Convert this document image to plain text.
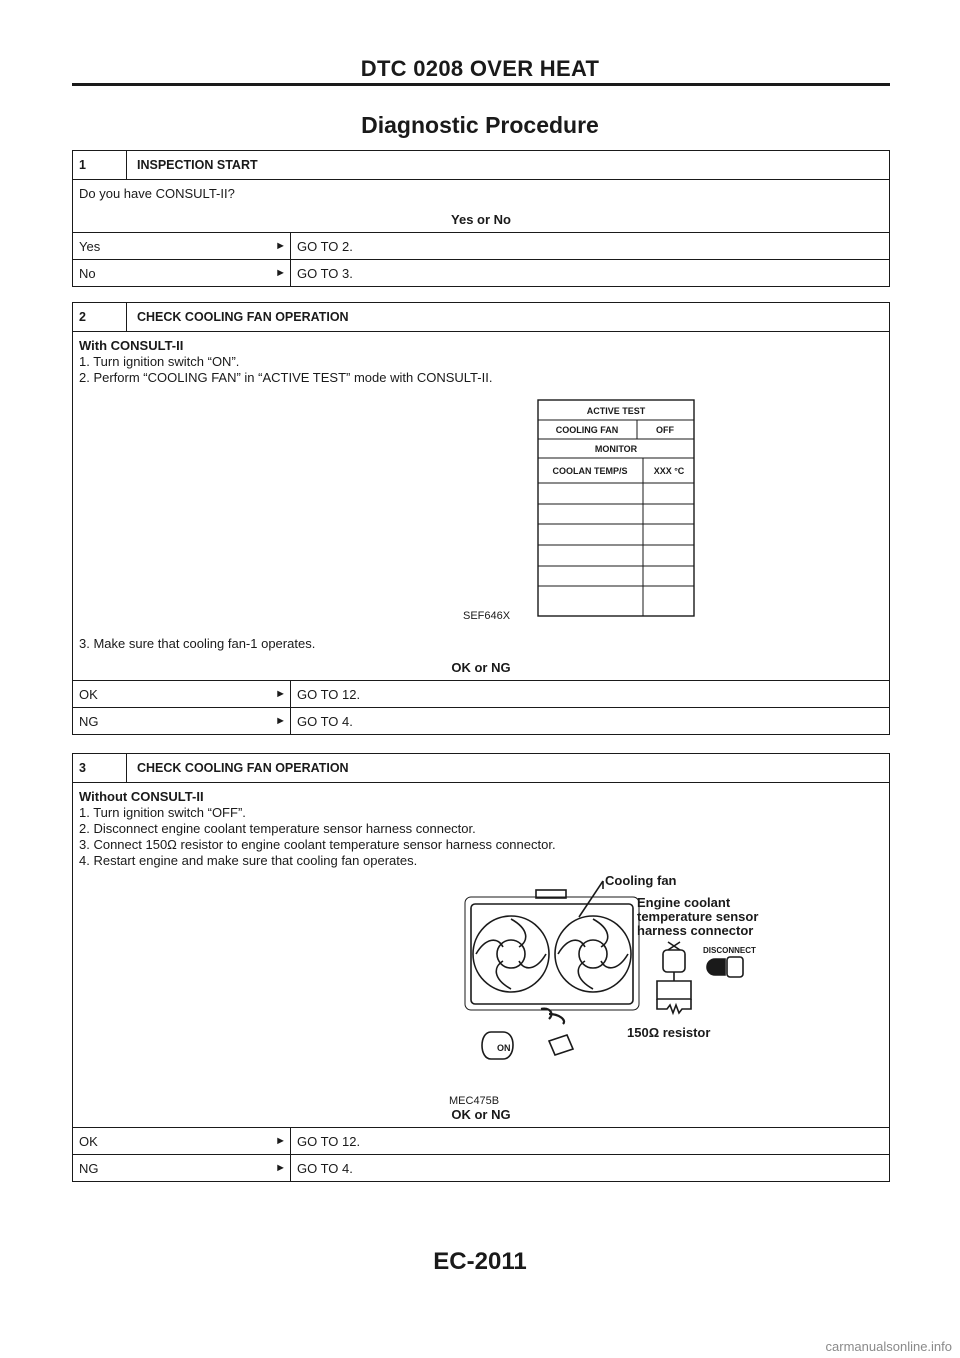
DTC 0208 OVER HEAT
Diagnostic Procedure
1	INSPECTION START
Do you have CONSULT-II?
Yes or No
Yes	► GO TO 2.
No	► GO TO 3.
2	CHECK COOLING FAN OPERATION
With CONSULT-II
1. Turn ignition switch “ON”.
2. Perform “COOLING FAN” in “ACTIVE TEST” mode with CONSULT-II.
ACTIVE TEST
COOLING FAN	OFF
MONITOR
COOLAN TEMP/S	XXX °C
SEF646X
3. Make sure that cooling fan-1 operates.
OK or NG
OK	► GO TO 12.
NG	► GO TO 4.
3	CHECK COOLING FAN OPERATION
Without CONSULT-II
1. Turn ignition switch “OFF”.
2. Disconnect engine coolant temperature sensor harness connector.
3. Connect 150Ω resistor to engine coolant temperature sensor harness connector.
4. Restart engine and make sure that cooling fan operates.
Cooling fan
Engine coolant
temperature sensor
harness connector
150Ω resistor
DISCONNECT
ON
MEC475B
OK or NG
OK	► GO TO 12.
NG	► GO TO 4.
EC-2011
carmanualsonline.info
